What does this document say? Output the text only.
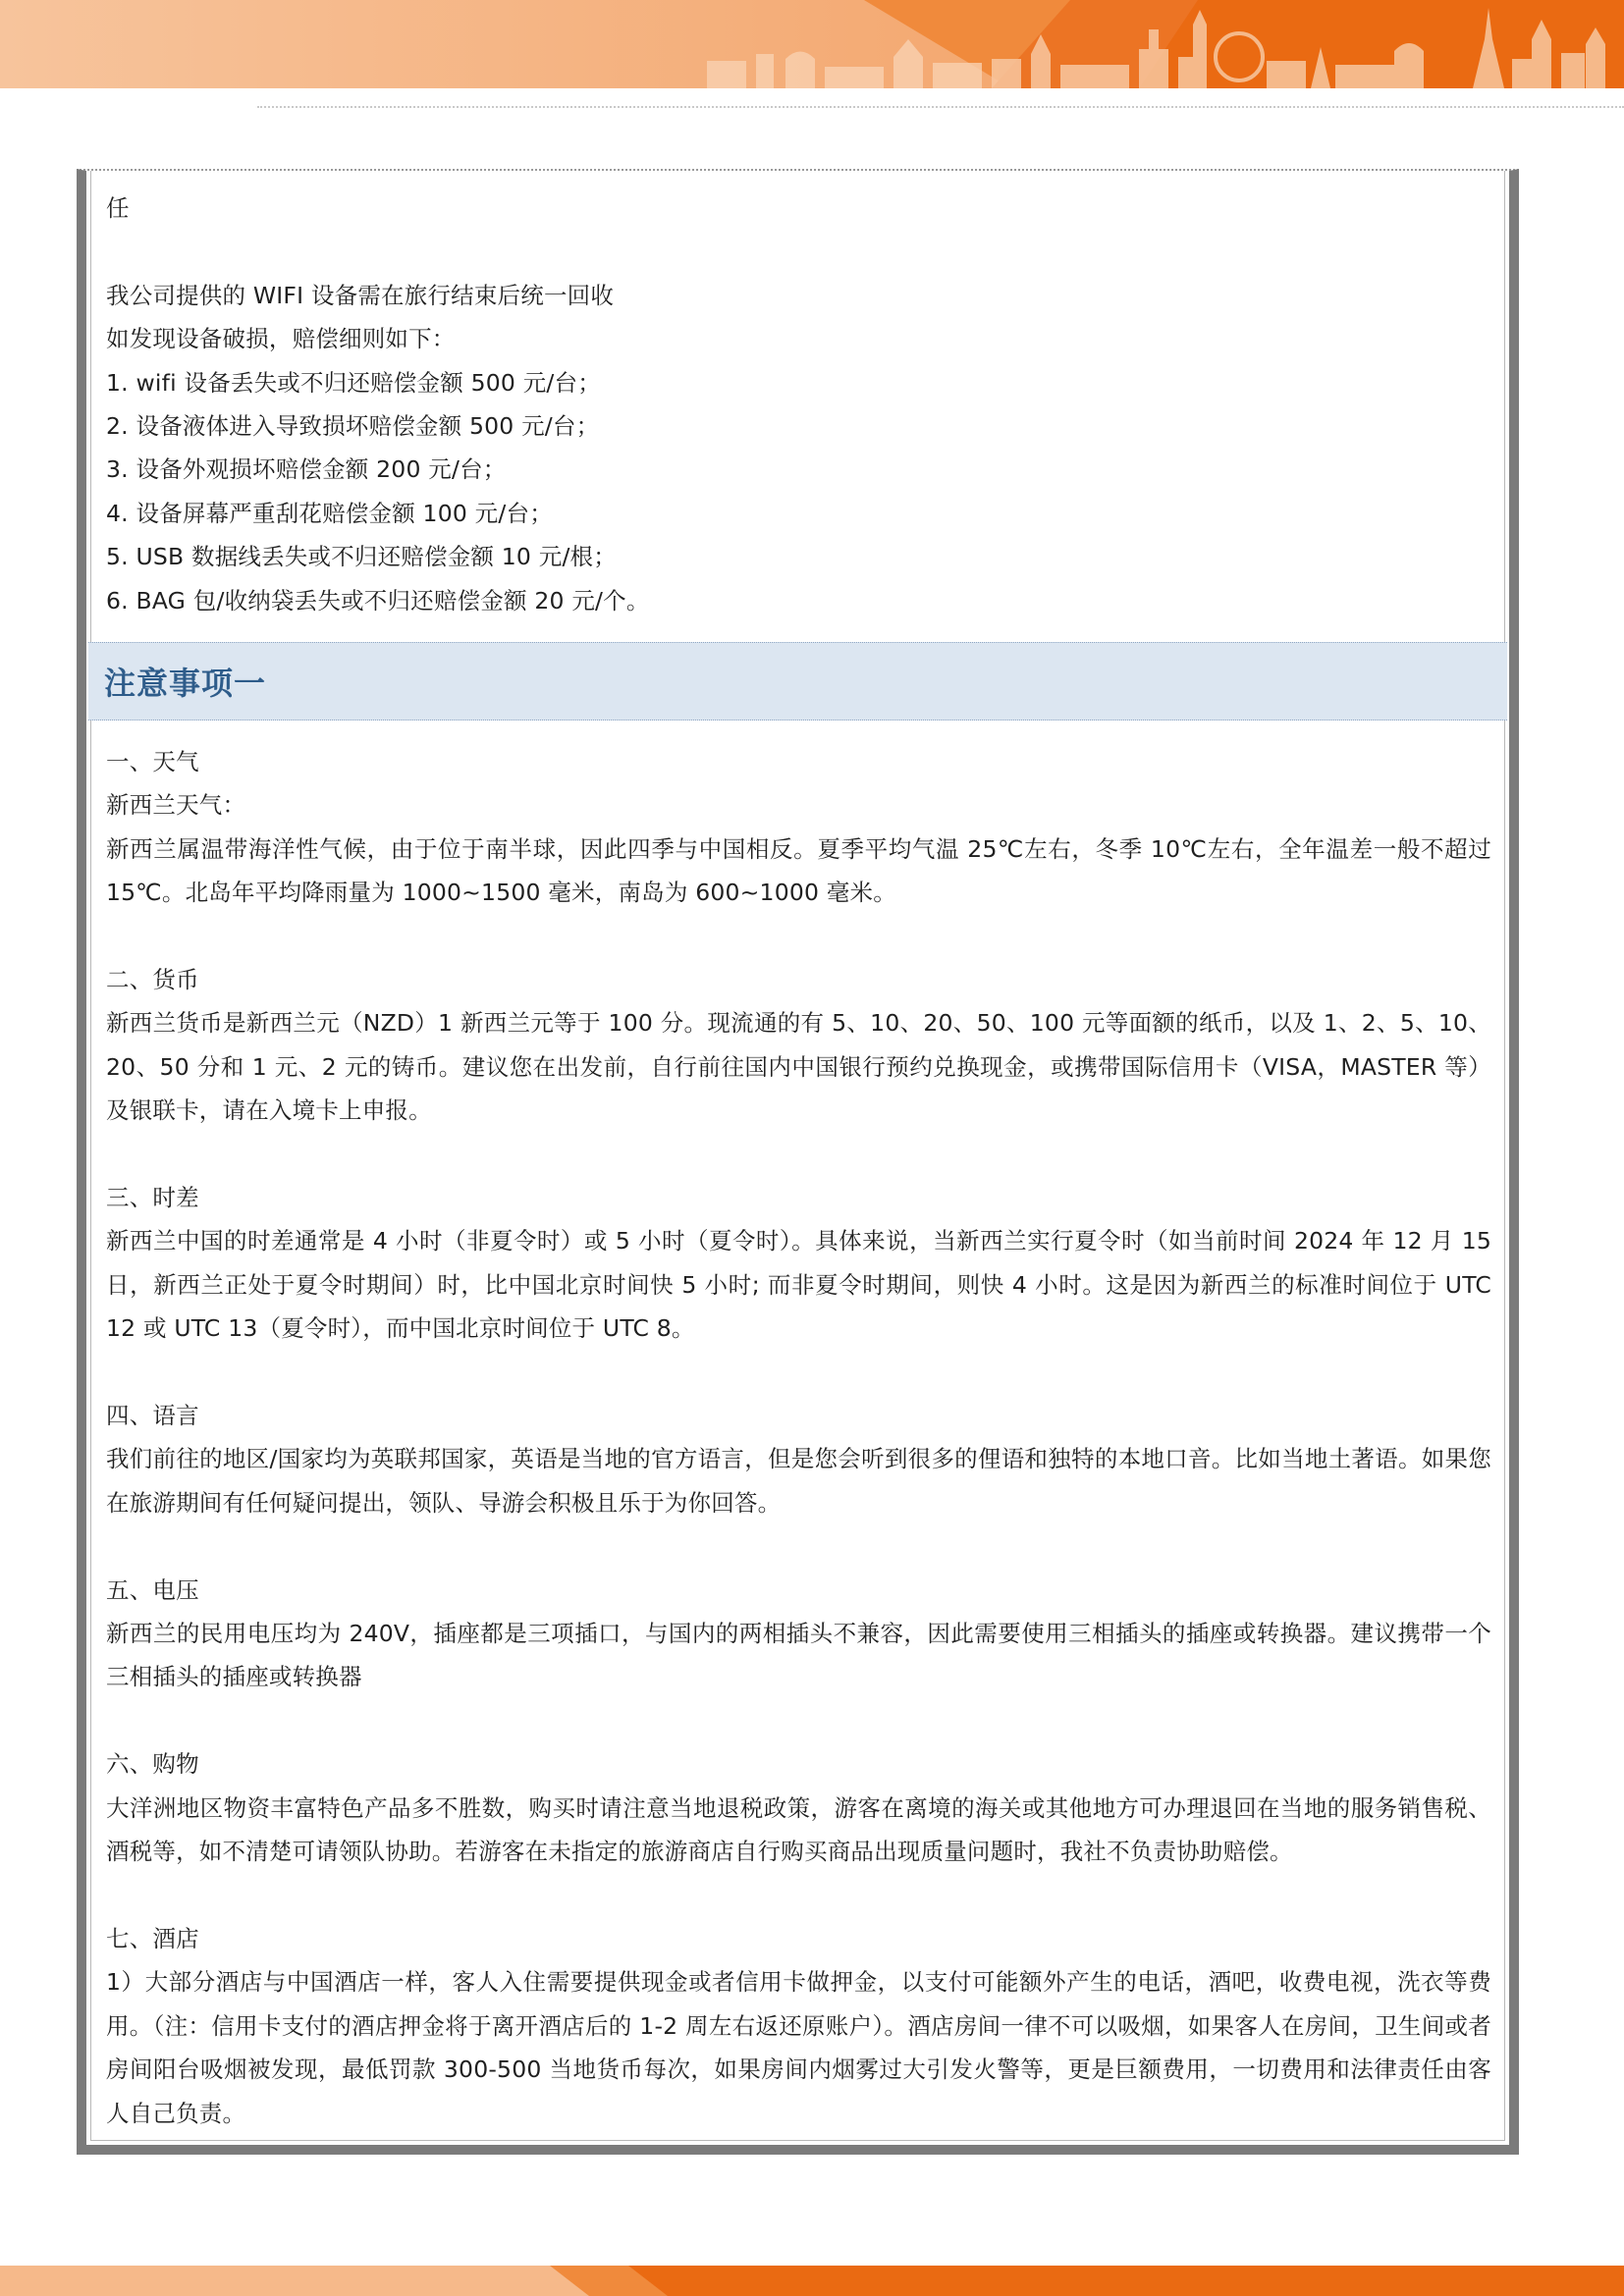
任
我公司提供的 WIFI 设备需在旅行结束后统一回收
如发现设备破损，赔偿细则如下：
1. wifi 设备丢失或不归还赔偿金额 500 元/台；
2. 设备液体进入导致损坏赔偿金额 500 元/台；
3. 设备外观损坏赔偿金额 200 元/台；
4. 设备屏幕严重刮花赔偿金额 100 元/台；
5. USB 数据线丢失或不归还赔偿金额 10 元/根；
6. BAG 包/收纳袋丢失或不归还赔偿金额 20 元/个。
注意事项一
一、天气
新西兰天气：
新西兰属温带海洋性气候，由于位于南半球，因此四季与中国相反。夏季平均气温 25℃左右，冬季 10℃左右，全年温差一般不超过 15℃。北岛年平均降雨量为 1000~1500 毫米，南岛为 600~1000 毫米。
二、货币
新西兰货币是新西兰元（NZD）1 新西兰元等于 100 分。现流通的有 5、10、20、50、100 元等面额的纸币，以及 1、2、5、10、20、50 分和 1 元、2 元的铸币。建议您在出发前，自行前往国内中国银行预约兑换现金，或携带国际信用卡（VISA，MASTER 等）及银联卡，请在入境卡上申报。
三、时差
新西兰中国的时差通常是 4 小时（非夏令时）或 5 小时（夏令时）。具体来说，当新西兰实行夏令时（如当前时间 2024 年 12 月 15 日，新西兰正处于夏令时期间）时，比中国北京时间快 5 小时; 而非夏令时期间，则快 4 小时。这是因为新西兰的标准时间位于 UTC 12 或 UTC 13（夏令时），而中国北京时间位于 UTC 8。
四、语言
我们前往的地区/国家均为英联邦国家，英语是当地的官方语言，但是您会听到很多的俚语和独特的本地口音。比如当地土著语。如果您在旅游期间有任何疑问提出，领队、导游会积极且乐于为你回答。
五、电压
新西兰的民用电压均为 240V，插座都是三项插口，与国内的两相插头不兼容，因此需要使用三相插头的插座或转换器。建议携带一个三相插头的插座或转换器
六、购物
大洋洲地区物资丰富特色产品多不胜数，购买时请注意当地退税政策，游客在离境的海关或其他地方可办理退回在当地的服务销售税、酒税等，如不清楚可请领队协助。若游客在未指定的旅游商店自行购买商品出现质量问题时，我社不负责协助赔偿。
七、酒店
1）大部分酒店与中国酒店一样，客人入住需要提供现金或者信用卡做押金，以支付可能额外产生的电话，酒吧，收费电视，洗衣等费用。（注：信用卡支付的酒店押金将于离开酒店后的 1-2 周左右返还原账户）。酒店房间一律不可以吸烟，如果客人在房间，卫生间或者房间阳台吸烟被发现，最低罚款 300-500 当地货币每次，如果房间内烟雾过大引发火警等，更是巨额费用，一切费用和法律责任由客人自己负责。
